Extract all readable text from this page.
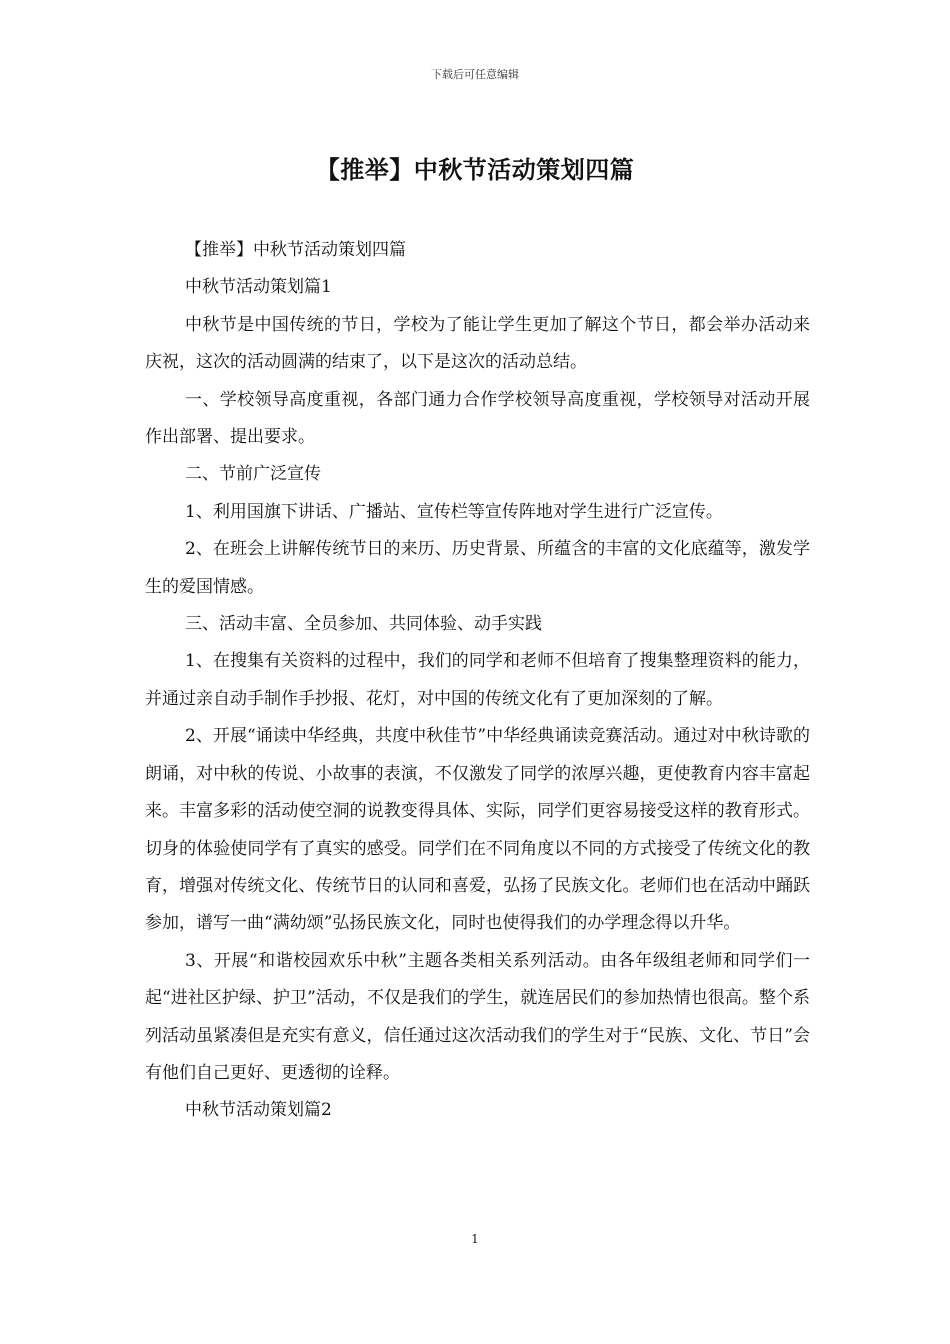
下载后可任意编辑
【推举】中秋节活动策划四篇

【推举】中秋节活动策划四篇

中秋节活动策划篇1

中秋节是中国传统的节日，学校为了能让学生更加了解这个节日，都会举办活动来庆祝，这次的活动圆满的结束了，以下是这次的活动总结。

一、学校领导高度重视，各部门通力合作学校领导高度重视，学校领导对活动开展作出部署、提出要求。

二、节前广泛宣传

1、利用国旗下讲话、广播站、宣传栏等宣传阵地对学生进行广泛宣传。

2、在班会上讲解传统节日的来历、历史背景、所蕴含的丰富的文化底蕴等，激发学生的爱国情感。

三、活动丰富、全员参加、共同体验、动手实践

1、在搜集有关资料的过程中，我们的同学和老师不但培育了搜集整理资料的能力，并通过亲自动手制作手抄报、花灯，对中国的传统文化有了更加深刻的了解。

2、开展“诵读中华经典，共度中秋佳节”中华经典诵读竞赛活动。通过对中秋诗歌的朗诵，对中秋的传说、小故事的表演，不仅激发了同学的浓厚兴趣，更使教育内容丰富起来。丰富多彩的活动使空洞的说教变得具体、实际，同学们更容易接受这样的教育形式。切身的体验使同学有了真实的感受。同学们在不同角度以不同的方式接受了传统文化的教育，增强对传统文化、传统节日的认同和喜爱，弘扬了民族文化。老师们也在活动中踊跃参加，谱写一曲“满幼颂”弘扬民族文化，同时也使得我们的办学理念得以升华。

3、开展“和谐校园欢乐中秋”主题各类相关系列活动。由各年级组老师和同学们一起“进社区护绿、护卫”活动，不仅是我们的学生，就连居民们的参加热情也很高。整个系列活动虽紧凑但是充实有意义，信任通过这次活动我们的学生对于“民族、文化、节日”会有他们自己更好、更透彻的诠释。

中秋节活动策划篇2

1
